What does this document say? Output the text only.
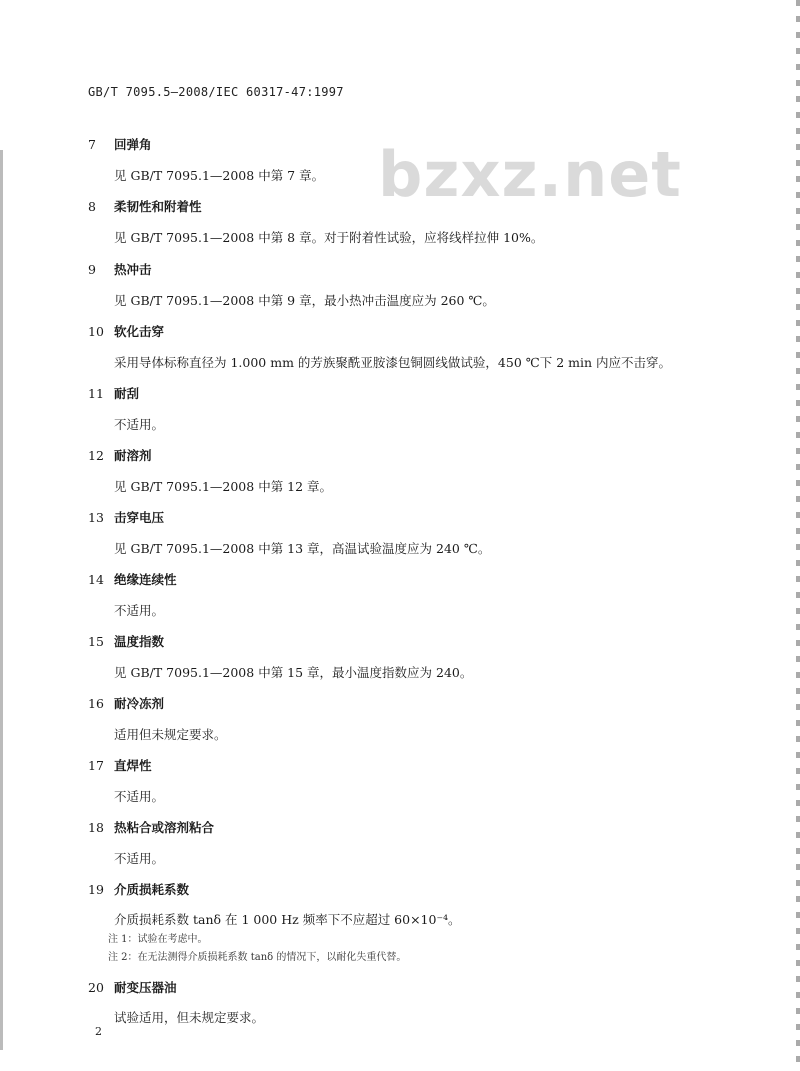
GB/T 7095.5—2008/IEC 60317-47:1997
bzxz.net
7 回弹角
见 GB/T 7095.1—2008 中第 7 章。
8 柔韧性和附着性
见 GB/T 7095.1—2008 中第 8 章。对于附着性试验，应将线样拉伸 10%。
9 热冲击
见 GB/T 7095.1—2008 中第 9 章，最小热冲击温度应为 260 ℃。
10 软化击穿
采用导体标称直径为 1.000 mm 的芳族聚酰亚胺漆包铜圆线做试验，450 ℃下 2 min 内应不击穿。
11 耐刮
不适用。
12 耐溶剂
见 GB/T 7095.1—2008 中第 12 章。
13 击穿电压
见 GB/T 7095.1—2008 中第 13 章，高温试验温度应为 240 ℃。
14 绝缘连续性
不适用。
15 温度指数
见 GB/T 7095.1—2008 中第 15 章，最小温度指数应为 240。
16 耐冷冻剂
适用但未规定要求。
17 直焊性
不适用。
18 热粘合或溶剂粘合
不适用。
19 介质损耗系数
介质损耗系数 tanδ 在 1 000 Hz 频率下不应超过 60×10⁻⁴。
注 1：试验在考虑中。
注 2：在无法测得介质损耗系数 tanδ 的情况下，以耐化失重代替。
20 耐变压器油
试验适用，但未规定要求。
2
